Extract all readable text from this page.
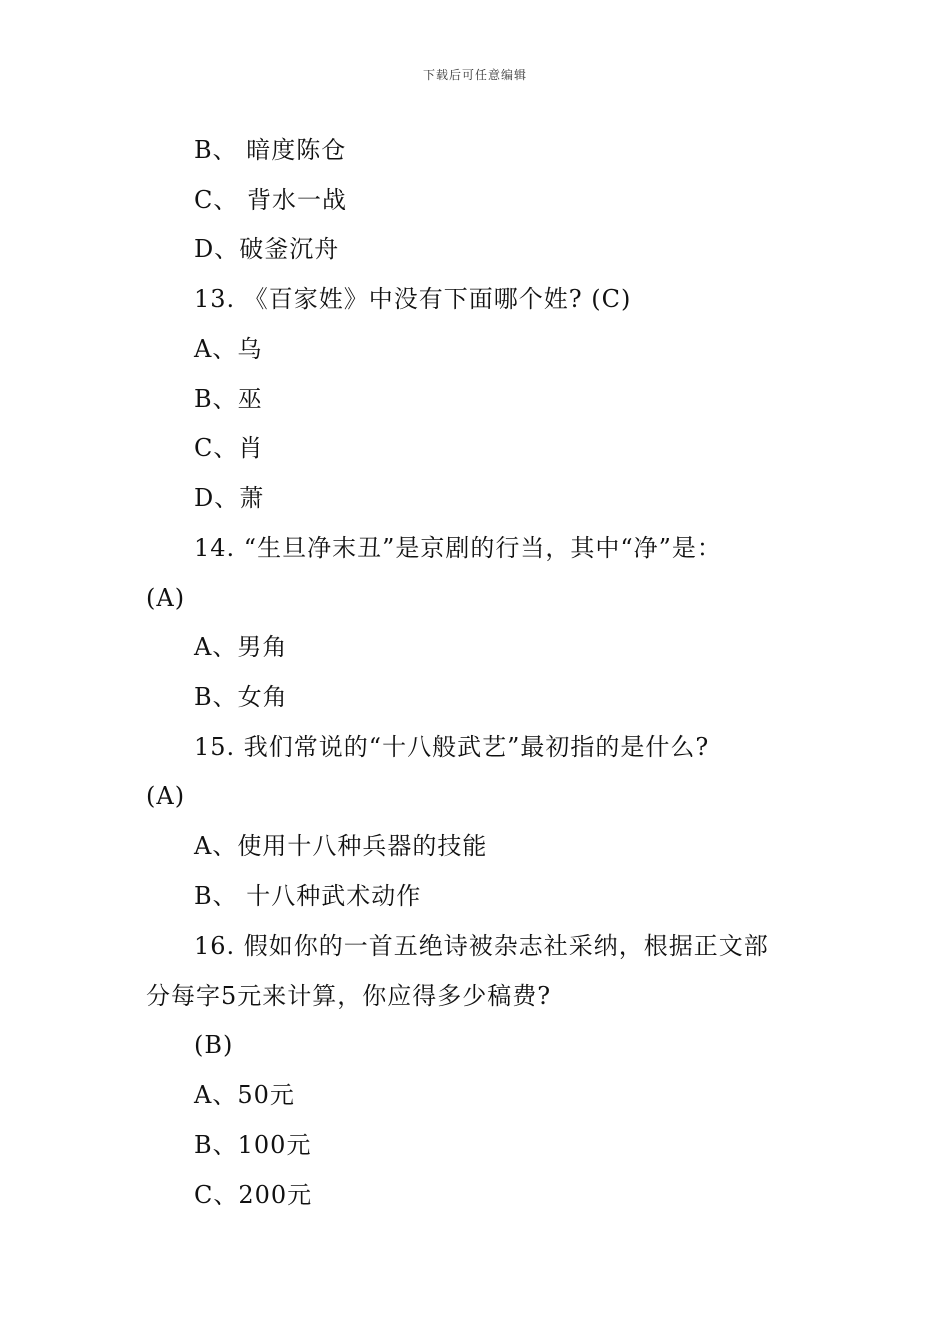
下载后可任意编辑
B、 暗度陈仓
C、 背水一战
D、破釜沉舟
13. 《百家姓》中没有下面哪个姓? (C)
A、乌
B、巫
C、肖
D、萧
14. “生旦净末丑”是京剧的行当，其中“净”是：
(A)
A、男角
B、女角
15. 我们常说的“十八般武艺”最初指的是什么?
(A)
A、使用十八种兵器的技能
B、 十八种武术动作
16. 假如你的一首五绝诗被杂志社采纳，根据正文部
分每字5元来计算，你应得多少稿费?
(B)
A、50元
B、100元
C、200元
